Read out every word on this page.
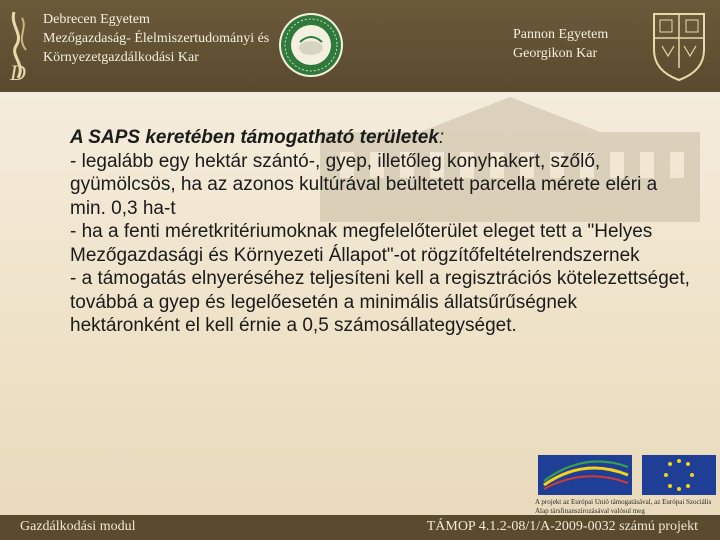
D
Debrecen Egyetem
Mezőgazdaság- Élelmiszertudományi és
Környezetgazdálkodási Kar
Pannon Egyetem
Georgikon Kar

A SAPS keretében támogatható területek:

- legalább egy hektár szántó-, gyep, illetőleg konyhakert, szőlő, gyümölcsös, ha az azonos kultúrával beültetett parcella mérete eléri a min. 0,3 ha-t

- ha a fenti méretkritériumoknak megfelelőterület eleget tett a "Helyes Mezőgazdasági és Környezeti Állapot"-ot rögzítőfeltételrendszernek

- a támogatás elnyeréséhez teljesíteni kell a regisztrációs kötelezettséget, továbbá a gyep és legelőesetén a minimális állatsűrűségnek hektáronként el kell érnie a 0,5 számosállategységet.

A projekt az Európai Unió támogatásával, az Európai Szociális Alap társfinanszírozásával valósul meg
Gazdálkodási modul	TÁMOP 4.1.2-08/1/A-2009-0032 számú projekt
